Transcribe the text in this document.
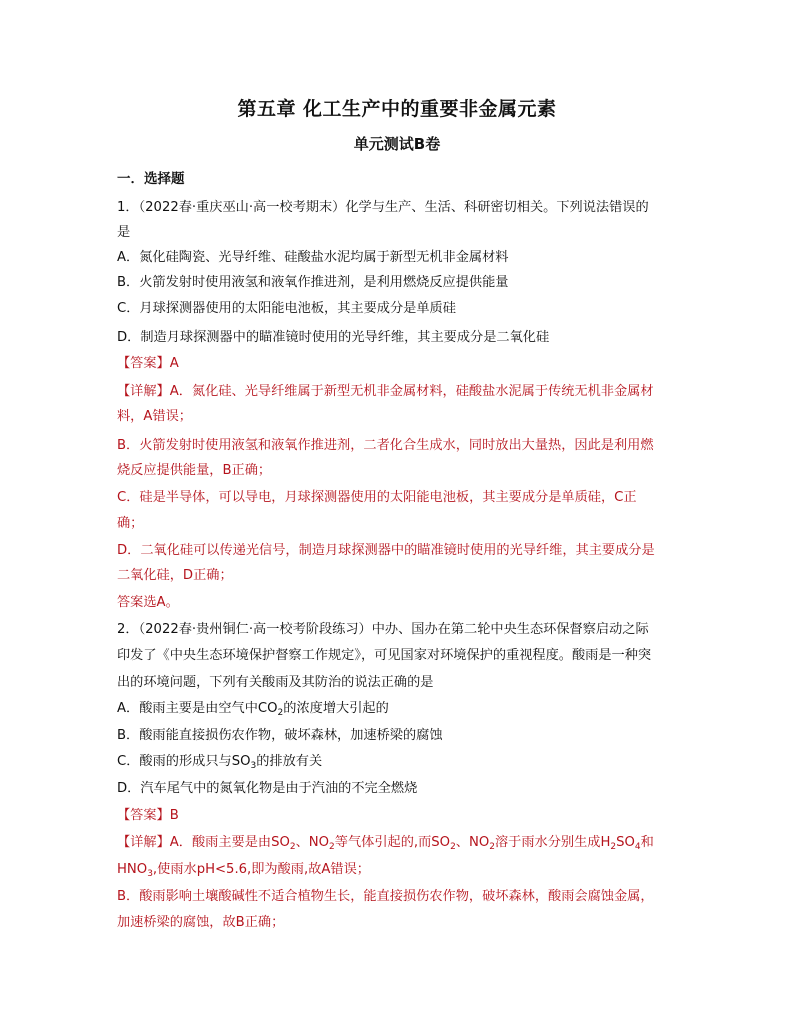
第五章 化工生产中的重要非金属元素
单元测试B卷
一．选择题
1．（2022春·重庆巫山·高一校考期末）化学与生产、生活、科研密切相关。下列说法错误的
是
A．氮化硅陶瓷、光导纤维、硅酸盐水泥均属于新型无机非金属材料
B．火箭发射时使用液氢和液氧作推进剂，是利用燃烧反应提供能量
C．月球探测器使用的太阳能电池板，其主要成分是单质硅
D．制造月球探测器中的瞄准镜时使用的光导纤维，其主要成分是二氧化硅
【答案】A
【详解】A．氮化硅、光导纤维属于新型无机非金属材料，硅酸盐水泥属于传统无机非金属材
料，A错误；
B．火箭发射时使用液氢和液氧作推进剂，二者化合生成水，同时放出大量热，因此是利用燃
烧反应提供能量，B正确；
C．硅是半导体，可以导电，月球探测器使用的太阳能电池板，其主要成分是单质硅，C正
确；
D．二氧化硅可以传递光信号，制造月球探测器中的瞄准镜时使用的光导纤维，其主要成分是
二氧化硅，D正确；
答案选A。
2．（2022春·贵州铜仁·高一校考阶段练习）中办、国办在第二轮中央生态环保督察启动之际
印发了《中央生态环境保护督察工作规定》，可见国家对环境保护的重视程度。酸雨是一种突
出的环境问题，下列有关酸雨及其防治的说法正确的是
A．酸雨主要是由空气中$CO_2$的浓度增大引起的
B．酸雨能直接损伤农作物，破坏森林，加速桥梁的腐蚀
C．酸雨的形成只与$SO_3$的排放有关
D．汽车尾气中的氮氧化物是由于汽油的不完全燃烧
【答案】B
【详解】A．酸雨主要是由$SO_2$、$NO_2$等气体引起的,而$SO_2$、$NO_2$溶于雨水分别生成$H_2SO_4$和
$HNO_3$,使雨水pH<5.6,即为酸雨,故A错误；
B．酸雨影响土壤酸碱性不适合植物生长，能直接损伤农作物，破坏森林，酸雨会腐蚀金属，
加速桥梁的腐蚀，故B正确；
